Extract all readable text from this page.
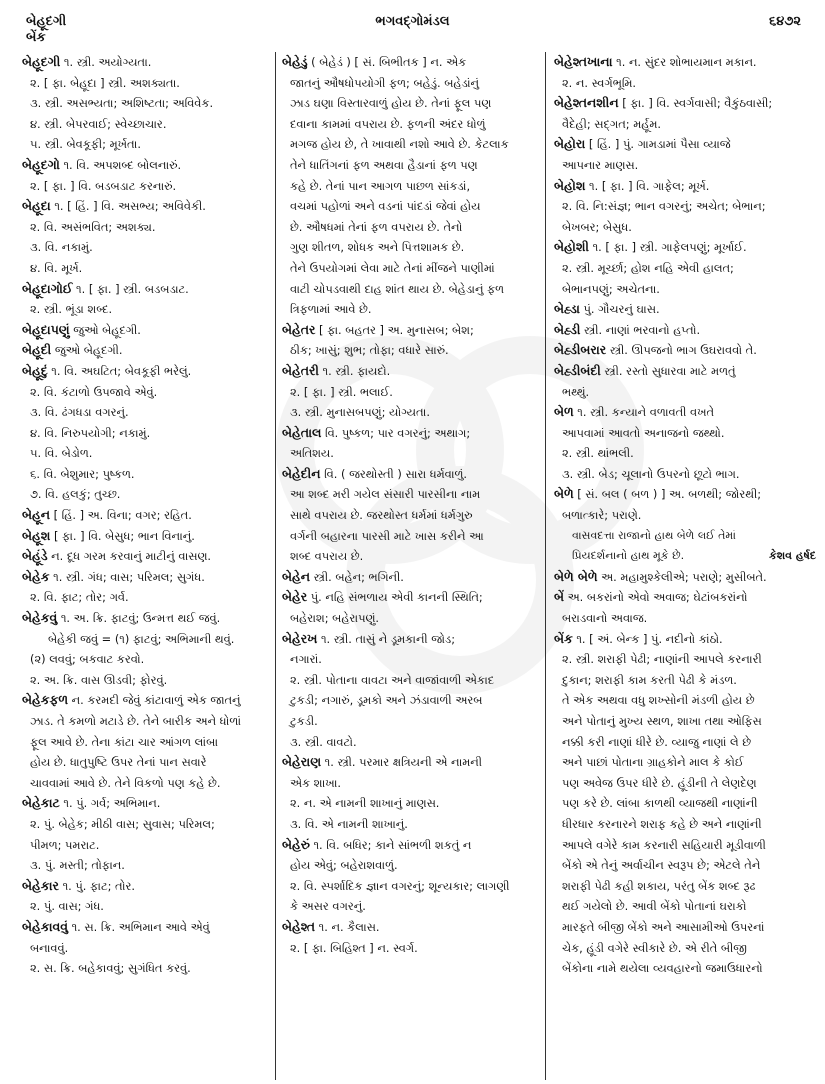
બેહૂદગી
બેંક
ભગવદ્ગોમંડલ	૬૪૭૨
બેહૂદગી ૧. સ્ત્રી. અયોગ્યતા.
૨. [ ફા. બેહૂદા ] સ્ત્રી. અશક્યતા.
૩. સ્ત્રી. અસભ્યતા; અશિષ્ટતા; અવિવેક.
૪. સ્ત્રી. બેપરવાઈ; સ્વેચ્છાચાર.
૫. સ્ત્રી. બેવકૂફી; મૂર્ખતા.
બેહૂદગો ૧. વિ. અપશબ્દ બોલનારું.
૨. [ ફા. ] વિ. બડબડાટ કરનારું.
બેહૂદા ૧. [ હિં. ] વિ. અસભ્ય; અવિવેકી.
૨. વિ. અસંભવિત; અશક્ય.
૩. વિ. નકામું.
૪. વિ. મૂર્ખ.
બેહૂદાગોઈ ૧. [ ફા. ] સ્ત્રી. બડબડાટ.
૨. સ્ત્રી. ભૂંડા શબ્દ.
બેહૂદાપણું જુઓ બેહૂદગી.
બેહૂદી જુઓ બેહૂદગી.
બેહૂદું ૧. વિ. અઘટિત; બેવકૂફી ભરેલું.
૨. વિ. કંટાળો ઉપજાવે એવું.
૩. વિ. ઢંગધડા વગરનું.
૪. વિ. નિરુપયોગી; નકામું.
૫. વિ. બેડોળ.
૬. વિ. બેશુમાર; પુષ્કળ.
૭. વિ. હલકું; તુચ્છ.
બેહૂન [ હિં. ] અ. વિના; વગર; રહિત.
બેહૂશ [ ફા. ] વિ. બેસુધ; ભાન વિનાનું.
બેહૂંડે ન. દૂધ ગરમ કરવાનું માટીનું વાસણ.
બેહેક ૧. સ્ત્રી. ગંધ; વાસ; પરિમલ; સુગંધ.
૨. વિ. ફાટ; તોર; ગર્વ.
બેહેકવું ૧. અ. ક્રિ. ફાટવું; ઉન્મત્ત થઈ જવું.
બેહેકી જવું = (૧) ફાટવું; અભિમાની થવું.
(૨) લવવું; બકવાટ કરવો.
૨. અ. ક્રિ. વાસ ઊડવી; ફોરવું.
બેહેકફળ ન. કરમદી જેવું કાંટાવાળું એક જાતનું
ઝાડ. તે કમળો મટાડે છે. તેને બારીક અને ધોળાં
ફૂલ આવે છે. તેના કાંટા ચાર આંગળ લાંબા
હોય છે. ધાતુપુષ્ટિ ઉપર તેનાં પાન સવારે
ચાવવામાં આવે છે. તેને વિકળો પણ કહે છે.
બેહેકાટ ૧. પું. ગર્વ; અભિમાન.
૨. પું. બેહેક; મીઠી વાસ; સુવાસ; પરિમલ;
પીમળ; પમરાટ.
૩. પું. મસ્તી; તોફાન.
બેહેકાર ૧. પું. ફાટ; તોર.
૨. પું. વાસ; ગંધ.
બેહેકાવવું ૧. સ. ક્રિ. અભિમાન આવે એવું
બનાવવું.
૨. સ. ક્રિ. બહેકાવવું; સુગંધિત કરવું.
બેહેડું ( બેહેડં ) [ સં. બિભીતક ] ન. એક
જાતનું ઔષધોપયોગી ફળ; બહેડું. બહેડાંનું
ઝાડ ઘણા વિસ્તારવાળું હોય છે. તેનાં ફૂલ પણ
દવાના કામમાં વપરાય છે. ફળની અંદર ધોળું
મગજ હોય છે, તે ખાવાથી નશો આવે છે. કેટલાક
તેને ધાતિંગનાં ફળ અથવા હૈડાનાં ફળ પણ
કહે છે. તેનાં પાન આગળ પાછળ સાંકડાં,
વચમાં પહોળાં અને વડનાં પાંદડાં જેવાં હોય
છે. ઔષધમાં તેનાં ફળ વપરાય છે. તેનો
ગુણ શીતળ, શોધક અને પિત્તશામક છે.
તેને ઉપયોગમાં લેવા માટે તેનાં મીંજને પાણીમાં
વાટી ચોપડવાથી દાહ શાંત થાય છે. બેહેડાનું ફળ
ત્રિફળામાં આવે છે.
બેહેતર [ ફા. બહતર ] અ. મુનાસબ; બેશ;
ઠીક; ખાસું; શુભ; તોફા; વધારે સારું.
બેહેતરી ૧. સ્ત્રી. ફાયદો.
૨. [ ફા. ] સ્ત્રી. ભલાઈ.
૩. સ્ત્રી. મુનાસબપણું; યોગ્યતા.
બેહેતાલ વિ. પુષ્કળ; પાર વગરનું; અથાગ;
અતિશય.
બેહેદીન વિ. ( જરથોસ્તી ) સારા ધર્મવાળું.
આ શબ્દ મરી ગયેલ સંસારી પારસીના નામ
સાથે વપરાય છે. જરથોસ્ત ધર્મમાં ધર્મગુરુ
વર્ગની બહારના પારસી માટે ખાસ કરીને આ
શબ્દ વપરાય છે.
બેહેન સ્ત્રી. બહેન; ભગિની.
બેહેર પું. નહિ સંભળાય એવી કાનની સ્થિતિ;
બહેરાશ; બહેરાપણું.
બેહેરખ ૧. સ્ત્રી. તાસું ને ડૂમકાની જોડ;
નગારાં.
૨. સ્ત્રી. પોતાના વાવટા અને વાજાંવાળી એકાદ
ટુકડી; નગારું, ડૂમકો અને ઝંડાવાળી અરબ
ટુકડી.
૩. સ્ત્રી. વાવટો.
બેહેરાણ ૧. સ્ત્રી. પરમાર ક્ષત્રિયની એ નામની
એક શાખા.
૨. ન. એ નામની શાખાનું માણસ.
૩. વિ. એ નામની શાખાનું.
બેહેરું ૧. વિ. બધિર; કાને સાંભળી શકતું ન
હોય એવું; બહેરાશવાળું.
૨. વિ. સ્પર્શાદિક જ્ઞાન વગરનું; શૂન્યકાર; લાગણી
કે અસર વગરનું.
બેહેશ્ત ૧. ન. કૈલાસ.
૨. [ ફા. બિહિશ્ત ] ન. સ્વર્ગ.
બેહેશ્તખાના ૧. ન. સુંદર શોભાયમાન મકાન.
૨. ન. સ્વર્ગભૂમિ.
બેહેશ્તનશીન [ ફા. ] વિ. સ્વર્ગવાસી; વૈકુંઠવાસી;
વૈદેહી; સદ્ગત; મર્હૂમ.
બેહોરા [ હિં. ] પું. ગામડામાં પૈસા વ્યાજે
આપનાર માણસ.
બેહોશ ૧. [ ફા. ] વિ. ગાફેલ; મૂર્ખ.
૨. વિ. નિ:સંજ્ઞ; ભાન વગરનું; અચેત; બેભાન;
બેખબર; બેસુધ.
બેહોશી ૧. [ ફા. ] સ્ત્રી. ગાફેલપણું; મૂર્ખાઈ.
૨. સ્ત્રી. મૂર્ચ્છા; હોશ નહિ એવી હાલત;
બેભાનપણું; અચેતના.
બેહ્ડા પું. ગૌચરનું ઘાસ.
બેહ્ડી સ્ત્રી. નાણાં ભરવાનો હપ્તો.
બેહ્ડીબરાર સ્ત્રી. ઊપજનો ભાગ ઉઘરાવવો તે.
બેહ્ડીબંદી સ્ત્રી. રસ્તો સુધારવા માટે મળતું
ભથ્થું.
બેળ ૧. સ્ત્રી. કન્યાને વળાવતી વખતે
આપવામાં આવતો અનાજનો જથ્થો.
૨. સ્ત્રી. થાંભલી.
૩. સ્ત્રી. બેડ; ચૂલાનો ઉપરનો છૂટો ભાગ.
બેળે [ સં. બલ ( બળ ) ] અ. બળથી; જોરથી;
બળાત્કારે; પરાણે.
વાસવદત્તા રાજાનો હાથ બેળે લઈ તેમાં
પ્રિયદર્શનાનો હાથ મૂકે છે.	કેશવ હર્ષદ
બેળે બેળે અ. મહામુશ્કેલીએ; પરાણે; મુસીબતે.
બેં અ. બકરાંનો એવો અવાજ; ઘેટાંબકરાંનો
બરાડવાનો અવાજ.
બેંક ૧. [ અં. બેન્ક ] પું. નદીનો કાંઠો.
૨. સ્ત્રી. શરાફી પેઢી; નાણાંની આપલે કરનારી
દુકાન; શરાફી કામ કરતી પેઢી કે મંડળ.
તે એક અથવા વધુ શખ્સોની મંડળી હોય છે
અને પોતાનું મુખ્ય સ્થળ, શાખા તથા ઓફિસ
નક્કી કરી નાણાં ધીરે છે. વ્યાજુ નાણાં લે છે
અને પાછાં પોતાના ગ્રાહકોને માલ કે કોઈ
પણ અવેજ ઉપર ધીરે છે. હૂંડીની તે લેણદેણ
પણ કરે છે. લાંબા કાળથી વ્યાજથી નાણાંની
ધીરધાર કરનારને શરાફ કહે છે અને નાણાંની
આપલે વગેરે કામ કરનારી સહિયારી મૂડીવાળી
બેંકો એ તેનું અર્વાચીન સ્વરૂપ છે; એટલે તેને
શરાફી પેઢી કહી શકાય, પરંતુ બેંક શબ્દ રૂઢ
થઈ ગયેલો છે. આવી બેંકો પોતાનાં ઘરાકો
મારફતે બીજી બેંકો અને આસામીઓ ઉપરનાં
ચેક, હૂંડી વગેરે સ્વીકારે છે. એ રીતે બીજી
બેંકોના નામે થયેલા વ્યવહારનો જમાઉધારનો
